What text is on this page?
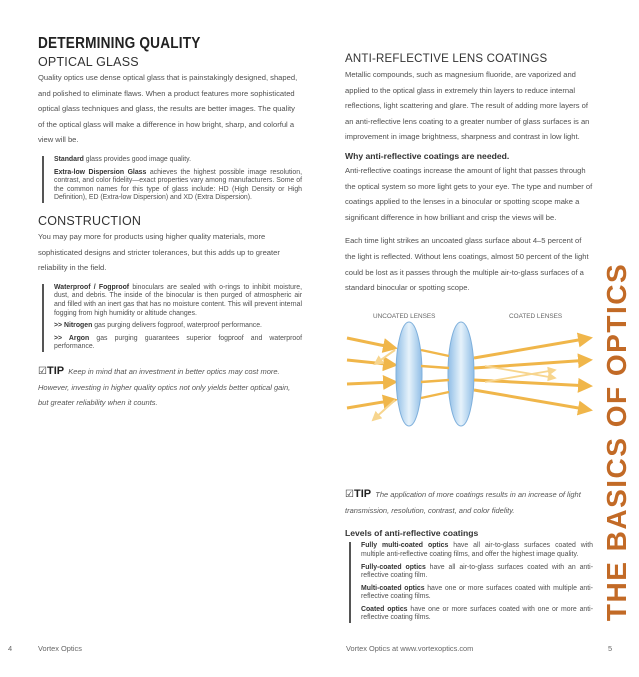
DETERMINING QUALITY
OPTICAL GLASS

Quality optics use dense optical glass that is painstakingly designed, shaped, and polished to eliminate flaws. When a product features more sophisticated optical glass techniques and glass, the results are better images. The quality of the optical glass will make a difference in how bright, sharp, and colorful a view will be.

Standard glass provides good image quality.

Extra-low Dispersion Glass achieves the highest possible image resolution, contrast, and color fidelity—exact properties vary among manufacturers. Some of the common names for this type of glass include: HD (High Density or High Definition), ED (Extra-low Dispersion) and XD (Extra Dispersion).

CONSTRUCTION

You may pay more for products using higher quality materials, more sophisticated designs and stricter tolerances, but this adds up to greater reliability in the field.

Waterproof / Fogproof binoculars are sealed with o-rings to inhibit moisture, dust, and debris. The inside of the binocular is then purged of atmospheric air and filled with an inert gas that has no moisture content. This will prevent internal fogging from high humidity or altitude changes.

>> Nitrogen gas purging delivers fogproof, waterproof performance.

>> Argon gas purging guarantees superior fogproof and waterproof performance.

☑TIP Keep in mind that an investment in better optics may cost more. However, investing in higher quality optics not only yields better optical gain, but greater reliability when it counts.

ANTI-REFLECTIVE LENS COATINGS

Metallic compounds, such as magnesium fluoride, are vaporized and applied to the optical glass in extremely thin layers to reduce internal reflections, light scattering and glare. The result of adding more layers of an anti-reflective lens coating to a greater number of glass surfaces is an improvement in image brightness, sharpness and contrast in low light.

Why anti-reflective coatings are needed.

Anti-reflective coatings increase the amount of light that passes through the optical system so more light gets to your eye. The type and number of coatings applied to the lenses in a binocular or spotting scope make a significant difference in how brilliant and crisp the views will be.

Each time light strikes an uncoated glass surface about 4–5 percent of the light is reflected. Without lens coatings, almost 50 percent of the light could be lost as it passes through the multiple air-to-glass surfaces of a standard binocular or spotting scope.

UNCOATED LENSES	COATED LENSES

☑TIP The application of more coatings results in an increase of light transmission, resolution, contrast, and color fidelity.

Levels of anti-reflective coatings

Fully multi-coated optics have all air-to-glass surfaces coated with multiple anti-reflective coating films, and offer the highest image quality.

Fully-coated optics have all air-to-glass surfaces coated with an anti-reflective coating film.

Multi-coated optics have one or more surfaces coated with multiple anti-reflective coating films.

Coated optics have one or more surfaces coated with one or more anti-reflective coating films.	THE BASICS OF OPTICS
4	Vortex Optics	Vortex Optics at www.vortexoptics.com	5
